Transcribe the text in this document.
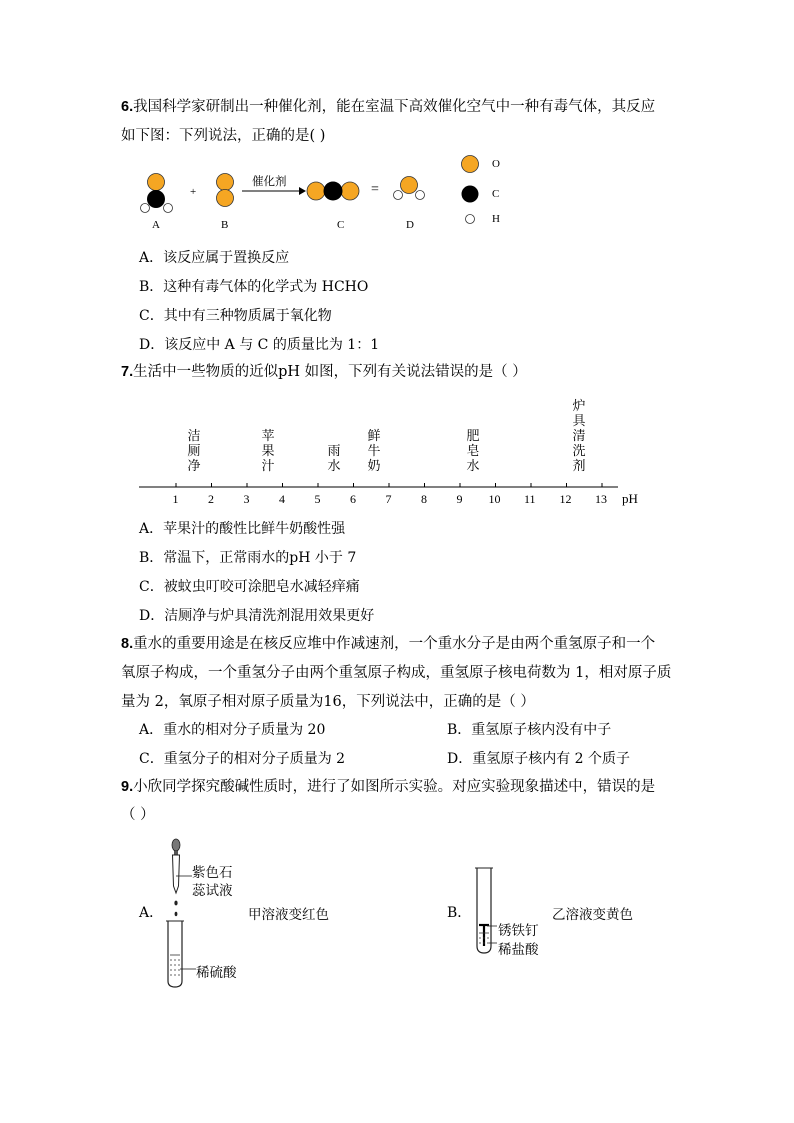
6.我国科学家研制出一种催化剂，能在室温下高效催化空气中一种有毒气体，其反应
如下图：下列说法，正确的是( )
+
催化剂
=
A	B	C	D
O
C
H
A．该反应属于置换反应
B．这种有毒气体的化学式为 HCHO
C．其中有三种物质属于氧化物
D．该反应中 A 与 C 的质量比为 1：1
7.生活中一些物质的近似pH 如图，下列有关说法错误的是（ ）
洁厕净
苹果汁
雨水
鲜牛奶
肥皂水
炉具清洗剂
1 2 3 4 5 6 7 8 9 10 11 12 13 pH
A．苹果汁的酸性比鲜牛奶酸性强
B．常温下，正常雨水的pH 小于 7
C．被蚊虫叮咬可涂肥皂水减轻痒痛
D．洁厕净与炉具清洗剂混用效果更好
8.重水的重要用途是在核反应堆中作减速剂，一个重水分子是由两个重氢原子和一个
氧原子构成，一个重氢分子由两个重氢原子构成，重氢原子核电荷数为 1，相对原子质
量为 2，氧原子相对原子质量为16，下列说法中，正确的是（ ）
A．重水的相对分子质量为 20	B．重氢原子核内没有中子
C．重氢分子的相对分子质量为 2	D．重氢原子核内有 2 个质子
9.小欣同学探究酸碱性质时，进行了如图所示实验。对应实验现象描述中，错误的是
（ ）
A．
紫色石
蕊试液
稀硫酸
甲溶液变红色	B．
锈铁钉
稀盐酸
乙溶液变黄色
